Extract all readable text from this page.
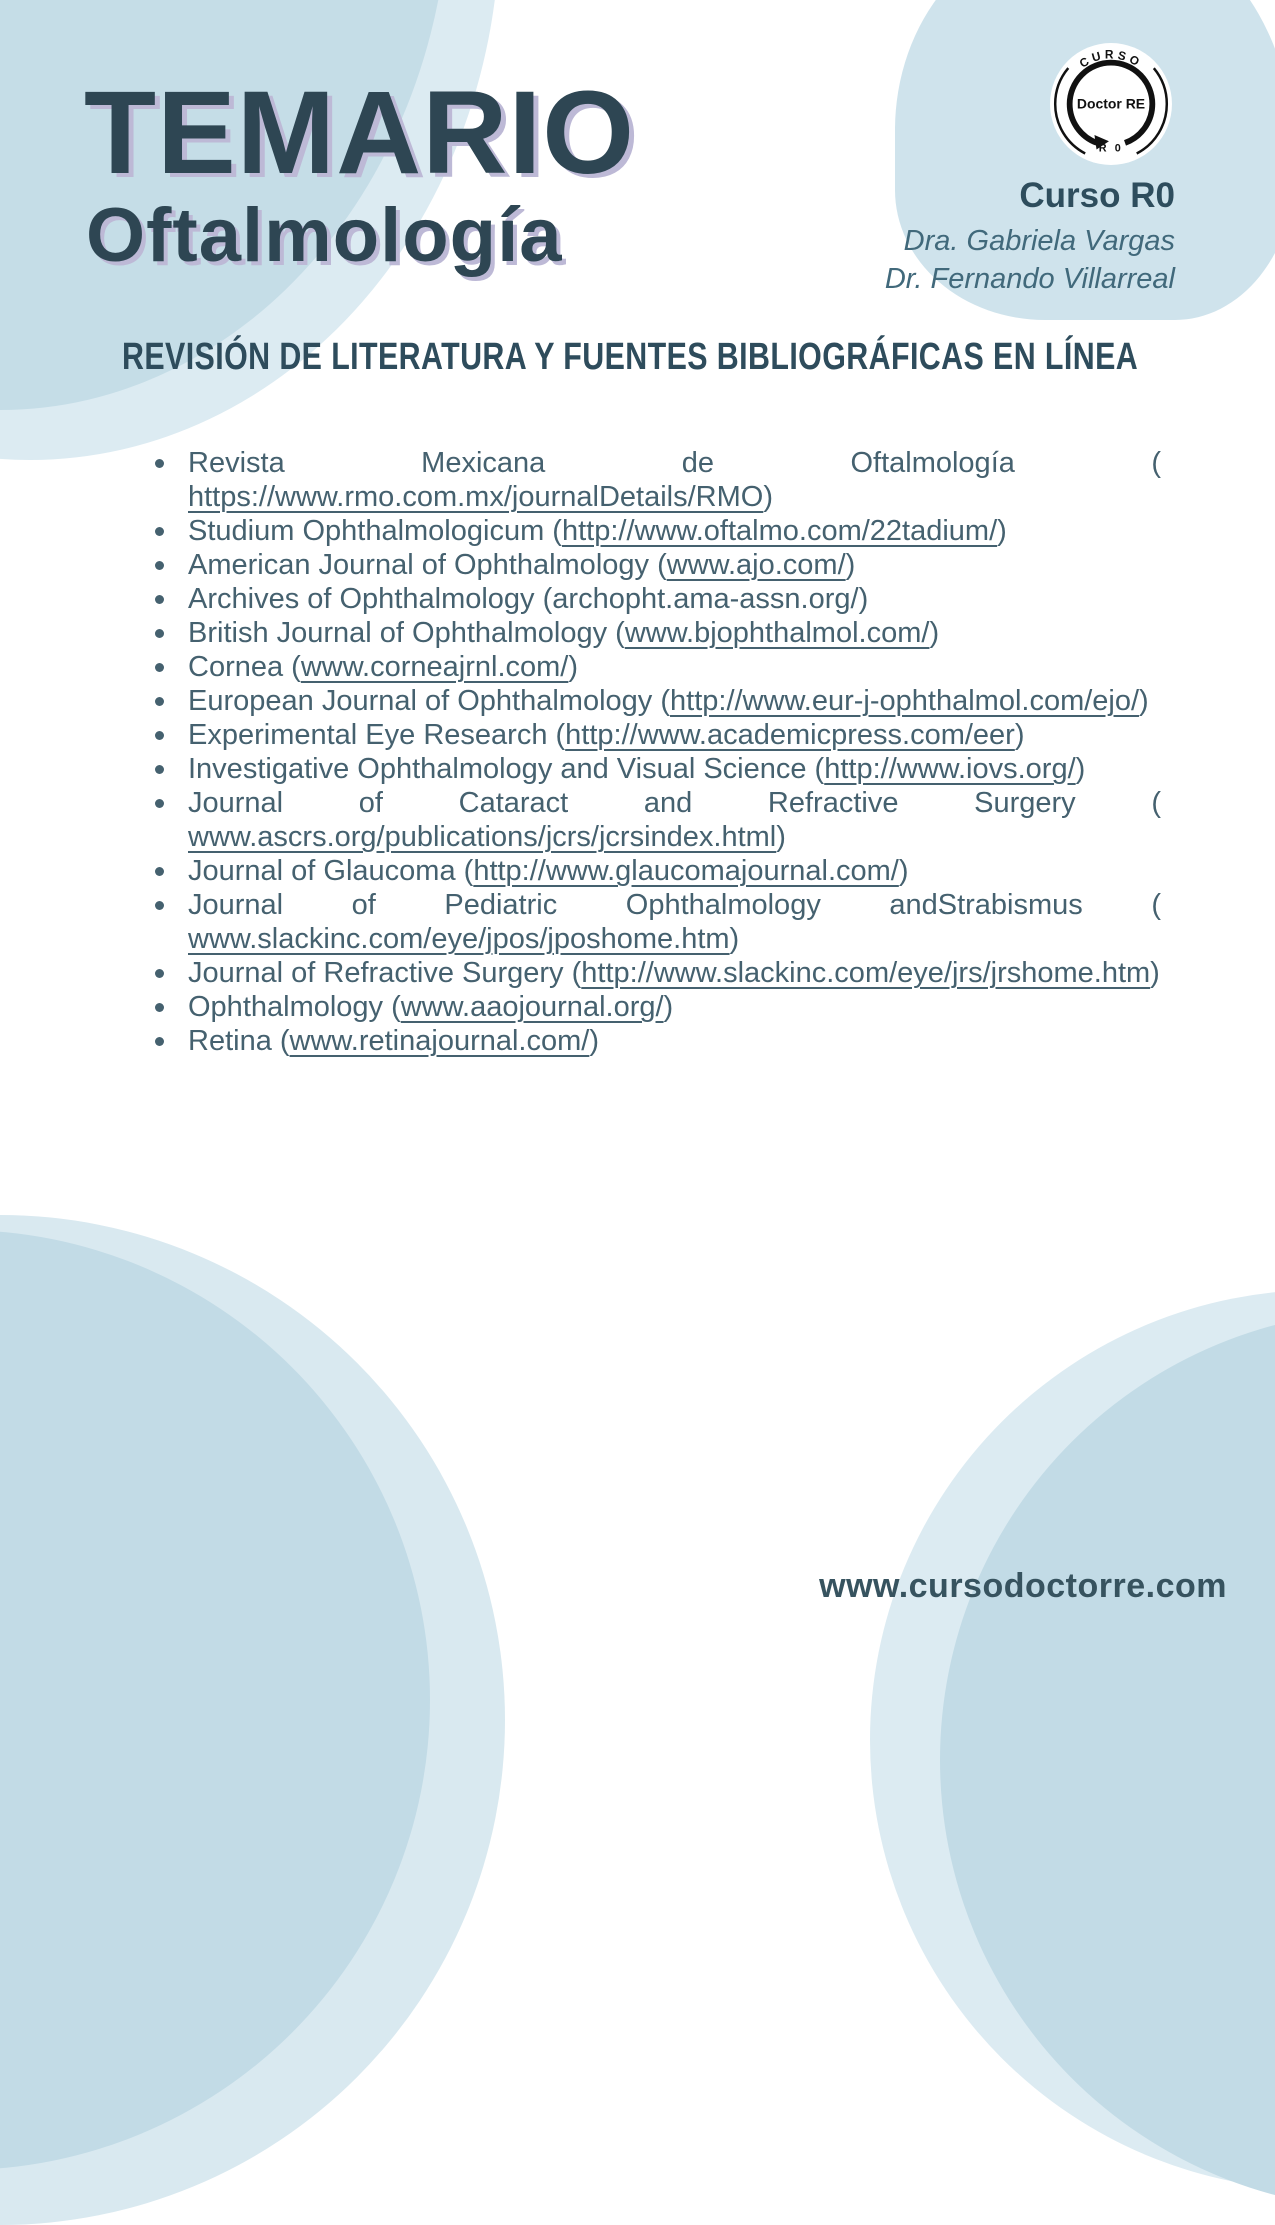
TEMARIO
Oftalmología
CURSO
Doctor RE
R 0
Curso R0
Dra. Gabriela Vargas
Dr. Fernando Villarreal
REVISIÓN DE LITERATURA Y FUENTES BIBLIOGRÁFICAS EN LÍNEA
Revista Mexicana de Oftalmología ( https://www.rmo.com.mx/journalDetails/RMO)
Studium Ophthalmologicum (http://www.oftalmo.com/22tadium/)
American Journal of Ophthalmology (www.ajo.com/)
Archives of Ophthalmology (archopht.ama-assn.org/)
British Journal of Ophthalmology (www.bjophthalmol.com/)
Cornea (www.corneajrnl.com/)
European Journal of Ophthalmology (http://www.eur-j-ophthalmol.com/ejo/)
Experimental Eye Research (http://www.academicpress.com/eer)
Investigative Ophthalmology and Visual Science (http://www.iovs.org/)
Journal of Cataract and Refractive Surgery (www.ascrs.org/publications/jcrs/jcrsindex.html)
Journal of Glaucoma (http://www.glaucomajournal.com/)
Journal of Pediatric Ophthalmology andStrabismus (www.slackinc.com/eye/jpos/jposhome.htm)
Journal of Refractive Surgery (http://www.slackinc.com/eye/jrs/jrshome.htm)
Ophthalmology (www.aaojournal.org/)
Retina (www.retinajournal.com/)
www.cursodoctorre.com
